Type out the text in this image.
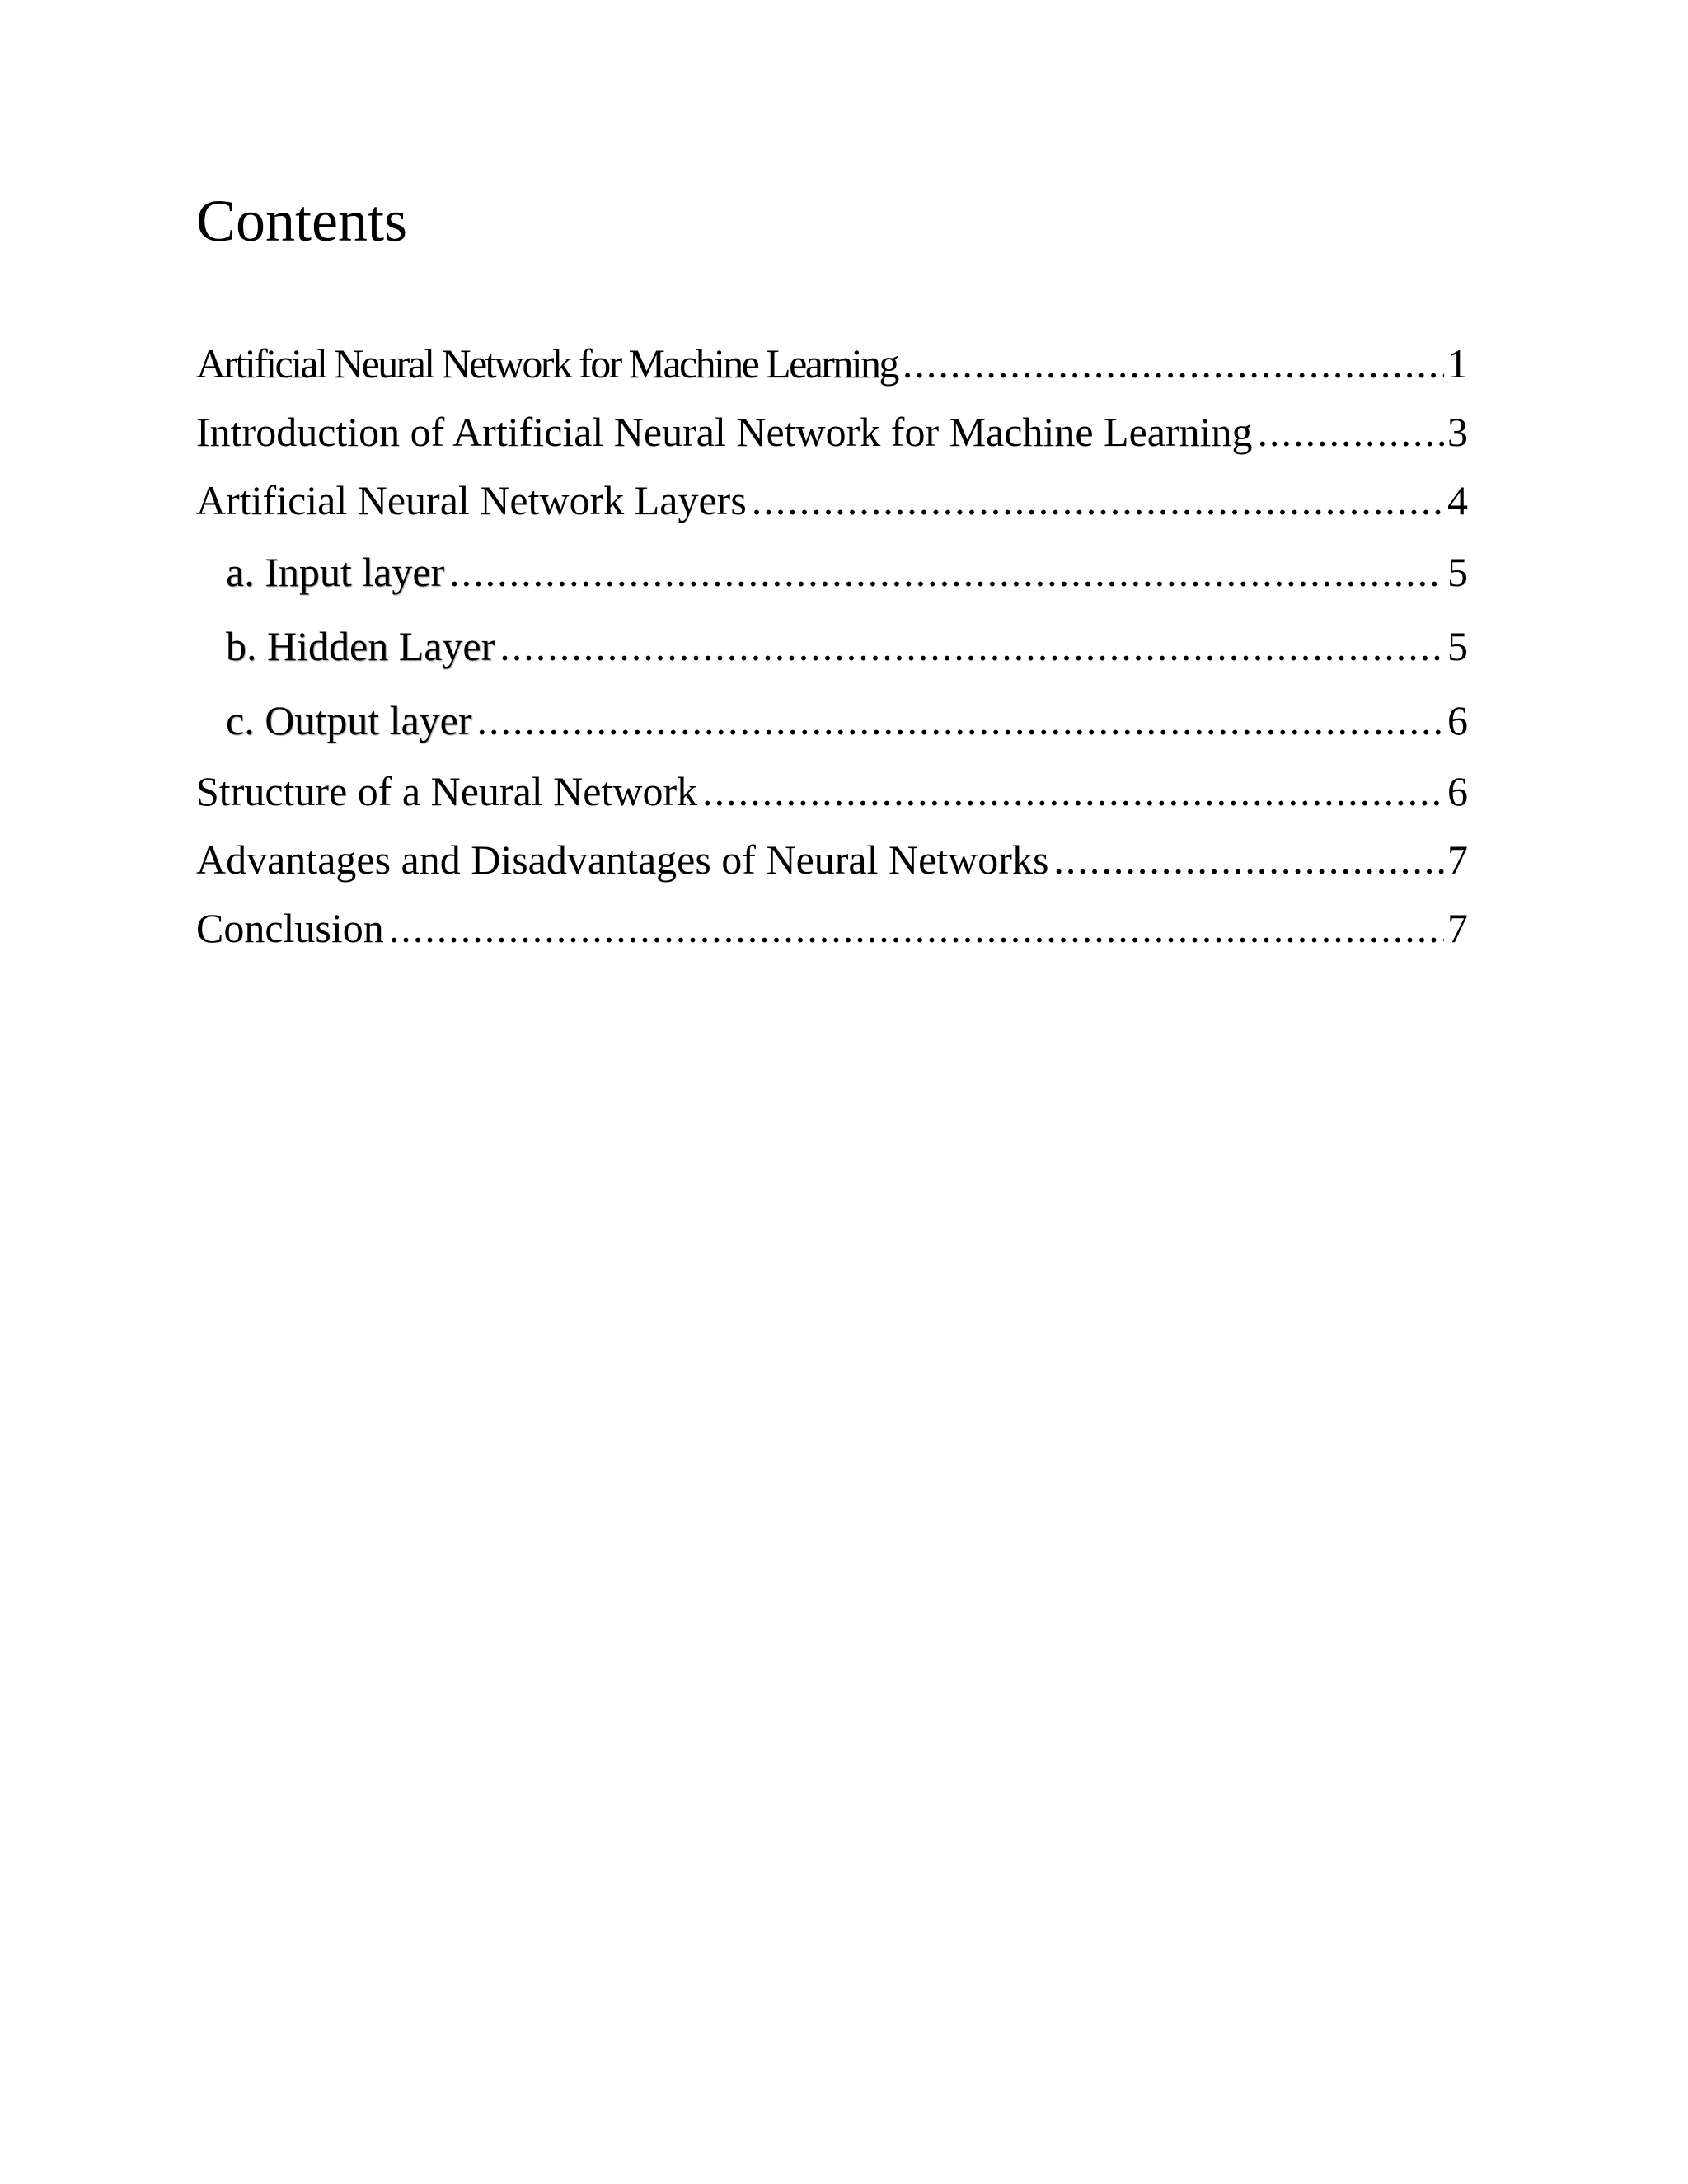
Contents
Artificial Neural Network for Machine Learning .....	1
Introduction of Artificial Neural Network for Machine Learning .....	3
Artificial Neural Network Layers .....	4
a. Input layer .....	5
b. Hidden Layer .....	5
c. Output layer .....	6
Structure of a Neural Network .....	6
Advantages and Disadvantages of Neural Networks .....	7
Conclusion .....	7
